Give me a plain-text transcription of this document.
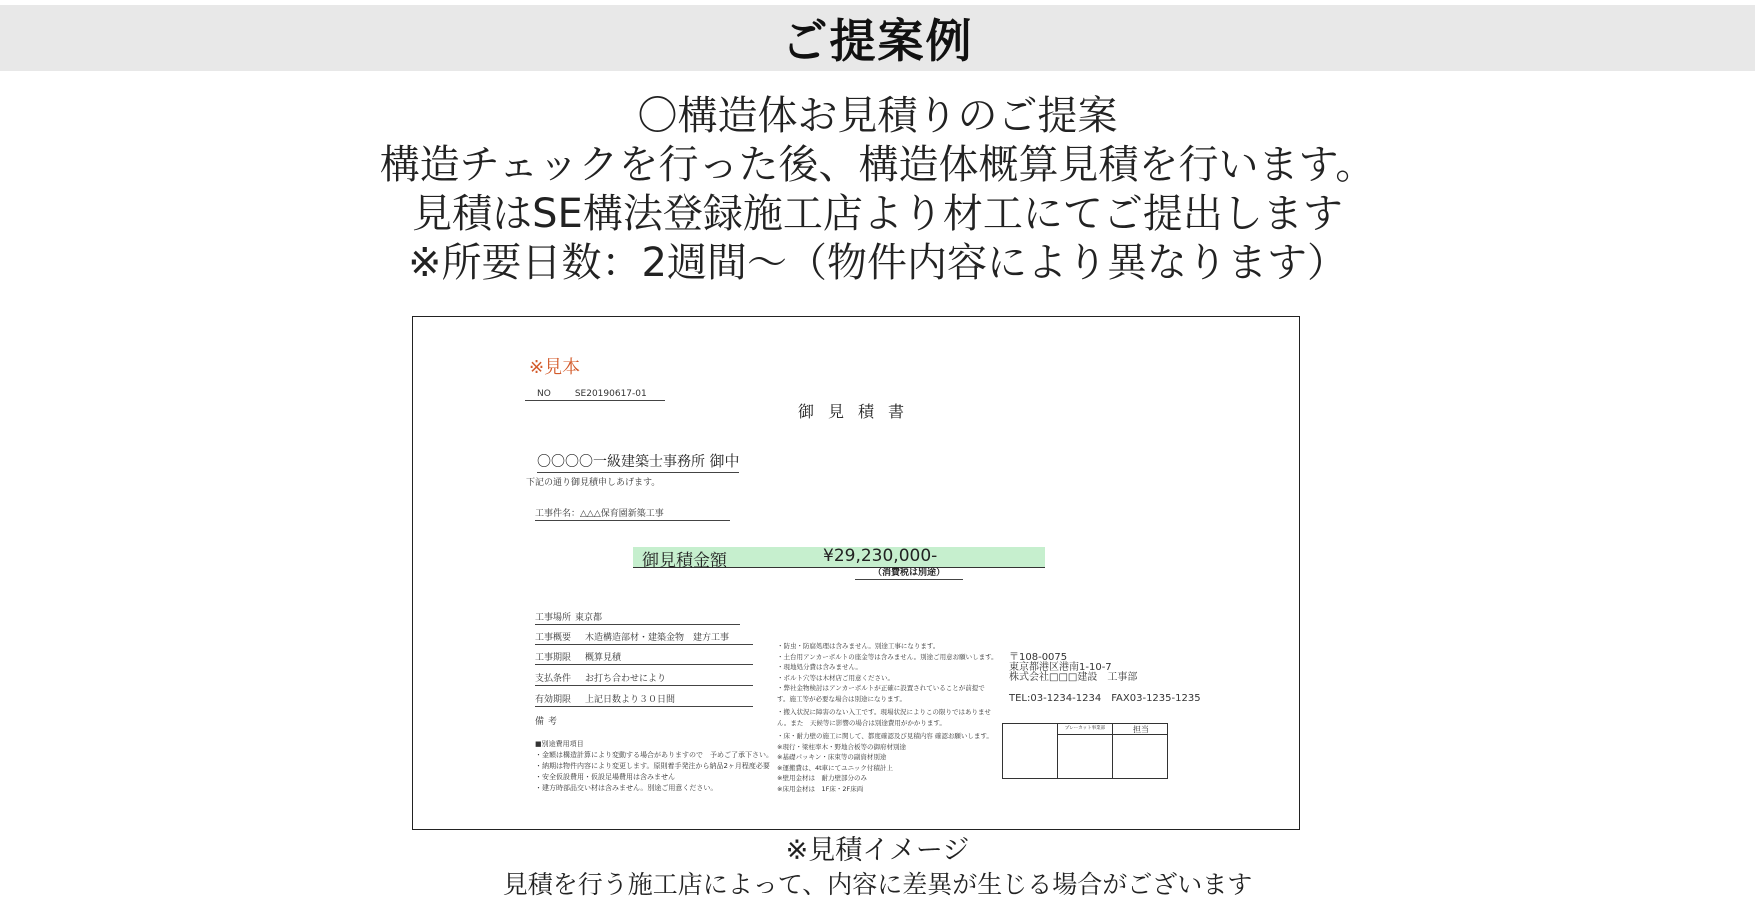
ご提案例
〇構造体お見積りのご提案
構造チェックを行った後、構造体概算見積を行います。
見積はSE構法登録施工店より材工にてご提出します
※所要日数：2週間～（物件内容により異なります）
※見本
NO	SE20190617-01
御見積書
〇〇〇〇一級建築士事務所 御中
下記の通り御見積申しあげます。
工事件名：△△△保育園新築工事
御見積金額	¥29,230,000-
（消費税は別途）
工事場所 東京都
工事概要 木造構造部材・建築金物　建方工事
工事期限 概算見積
支払条件 お打ち合わせにより
有効期限 上記日数より３０日間
備考
■別途費用項目
・金額は構造計算により変動する場合がありますので　予めご了承下さい。
・納期は物件内容により変更します。原則着手発注から納品2ヶ月程度必要
・安全仮設費用・仮設足場費用は含みません
・建方時部品交い材は含みません。別途ご用意ください。
・防虫・防腐処理は含みません。別途工事になります。
・土台用アンカーボルトの座金等は含みません。別途ご用意お願いします。
・現地処分費は含みません。
・ボルト穴等は木材店ご用意ください。
・弊社金物検討はアンカーボルトが正確に設置されていることが前提で
す。施工等が必要な場合は別途になります。
・搬入状況に障害のない入工です。現場状況によりこの限りではありませ
ん。また　天候等に影響の場合は別途費用がかかります。
・床・耐力壁の施工に関して、都度確認及び見積内容 確認お願いします。
※現行・梁柱率木・野地合板等の御府材別途
※基礎パッキン・床束等の副資材別途
※運搬費は、4t車にてユニック付積計上
※壁用金材は　耐力壁部分のみ
※床用金材は　1F床・2F床両
〒108-0075
東京都港区港南1-10-7
株式会社□□□建設　工事部
TEL:03-1234-1234　FAX03-1235-1235
プレーカット事業部	担当
※見積イメージ
見積を行う施工店によって、内容に差異が生じる場合がございます
